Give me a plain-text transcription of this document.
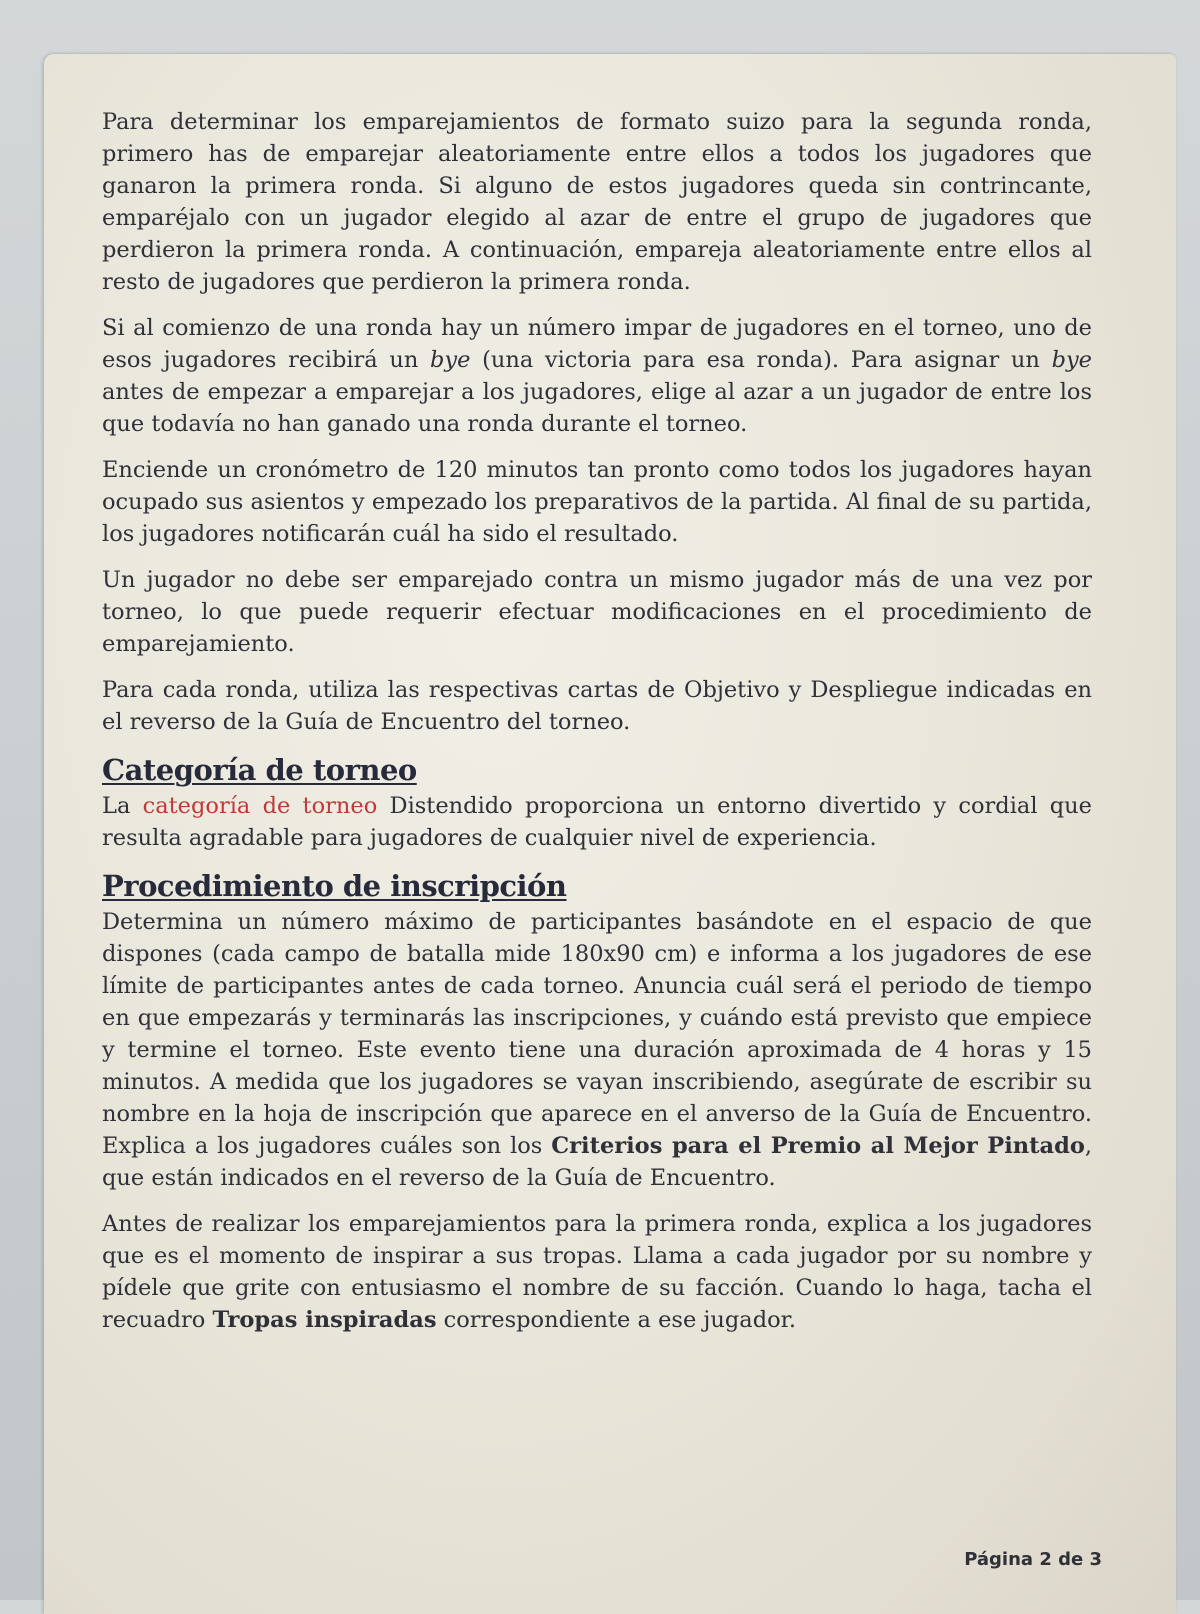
Para determinar los emparejamientos de formato suizo para la segunda ronda, primero has de emparejar aleatoriamente entre ellos a todos los jugadores que ganaron la primera ronda. Si alguno de estos jugadores queda sin contrincante, emparéjalo con un jugador elegido al azar de entre el grupo de jugadores que perdieron la primera ronda. A continuación, empareja aleatoriamente entre ellos al resto de jugadores que perdieron la primera ronda.

Si al comienzo de una ronda hay un número impar de jugadores en el torneo, uno de esos jugadores recibirá un bye (una victoria para esa ronda). Para asignar un bye antes de empezar a emparejar a los jugadores, elige al azar a un jugador de entre los que todavía no han ganado una ronda durante el torneo.

Enciende un cronómetro de 120 minutos tan pronto como todos los jugadores hayan ocupado sus asientos y empezado los preparativos de la partida. Al final de su partida, los jugadores notificarán cuál ha sido el resultado.

Un jugador no debe ser emparejado contra un mismo jugador más de una vez por torneo, lo que puede requerir efectuar modificaciones en el procedimiento de emparejamiento.

Para cada ronda, utiliza las respectivas cartas de Objetivo y Despliegue indicadas en el reverso de la Guía de Encuentro del torneo.

Categoría de torneo

La categoría de torneo Distendido proporciona un entorno divertido y cordial que resulta agradable para jugadores de cualquier nivel de experiencia.

Procedimiento de inscripción

Determina un número máximo de participantes basándote en el espacio de que dispones (cada campo de batalla mide 180x90 cm) e informa a los jugadores de ese límite de participantes antes de cada torneo. Anuncia cuál será el periodo de tiempo en que empezarás y terminarás las inscripciones, y cuándo está previsto que empiece y termine el torneo. Este evento tiene una duración aproximada de 4 horas y 15 minutos. A medida que los jugadores se vayan inscribiendo, asegúrate de escribir su nombre en la hoja de inscripción que aparece en el anverso de la Guía de Encuentro. Explica a los jugadores cuáles son los Criterios para el Premio al Mejor Pintado, que están indicados en el reverso de la Guía de Encuentro.

Antes de realizar los emparejamientos para la primera ronda, explica a los jugadores que es el momento de inspirar a sus tropas. Llama a cada jugador por su nombre y pídele que grite con entusiasmo el nombre de su facción. Cuando lo haga, tacha el recuadro Tropas inspiradas correspondiente a ese jugador.

Página 2 de 3
